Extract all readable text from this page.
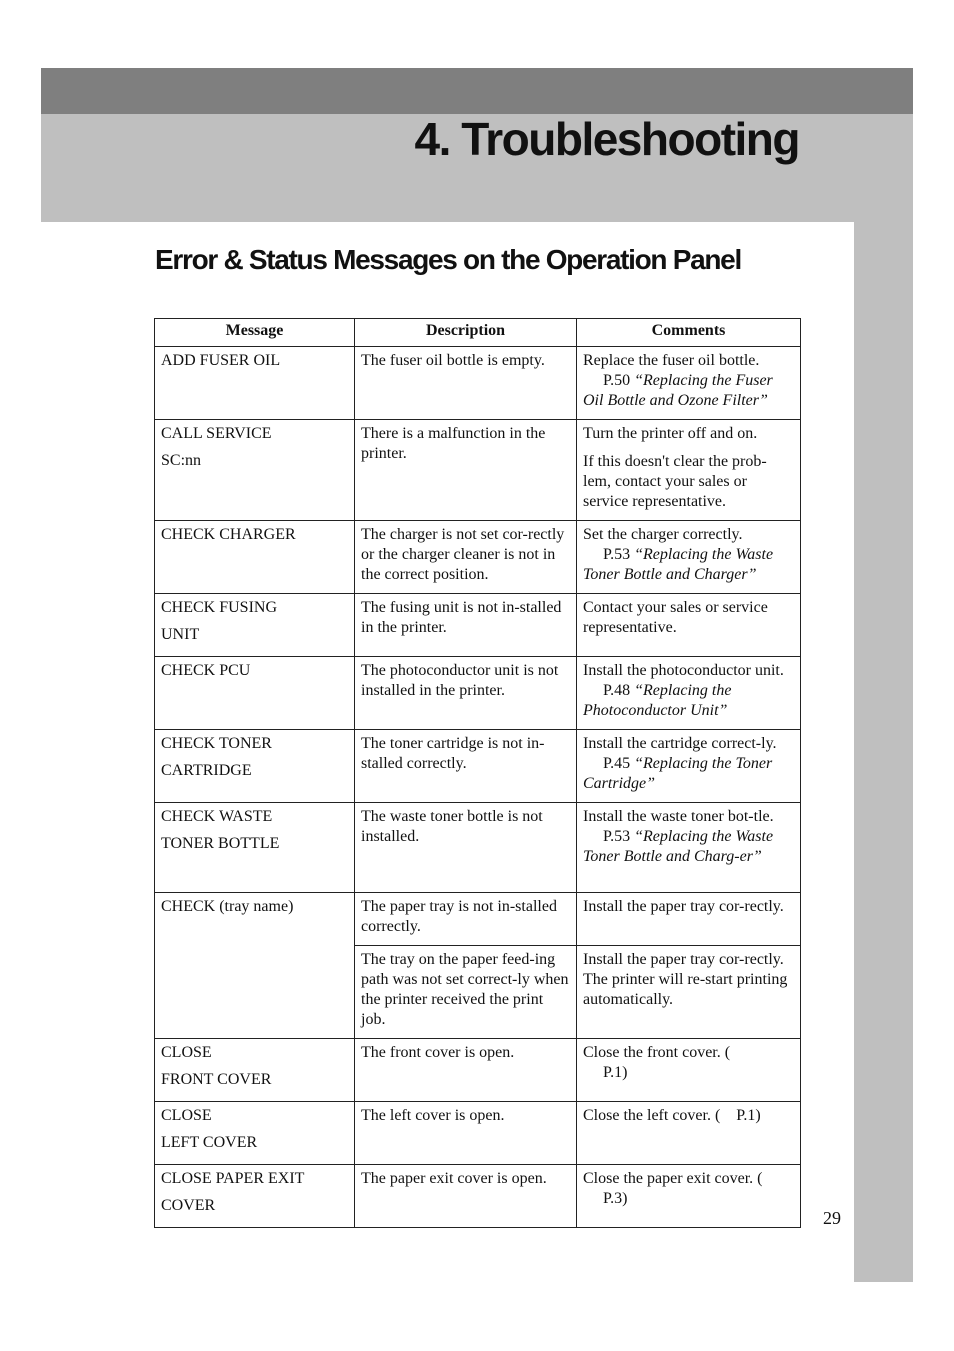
4. Troubleshooting
Error & Status Messages on the Operation Panel
Message	Description	Comments

ADD FUSER OIL	The fuser oil bottle is empty.	Replace the fuser oil bottle.
P.50 “Replacing the Fuser Oil Bottle and Ozone Filter”

CALL SERVICE
SC:nn	There is a malfunction in the printer.	Turn the printer off and on.
If this doesn't clear the prob-lem, contact your sales or service representative.

CHECK CHARGER	The charger is not set cor-rectly or the charger cleaner is not in the correct position.	Set the charger correctly.
P.53 “Replacing the Waste Toner Bottle and Charger”

CHECK FUSING
UNIT	The fusing unit is not in-stalled in the printer.	Contact your sales or service representative.

CHECK PCU	The photoconductor unit is not installed in the printer.	Install the photoconductor unit. P.48 “Replacing the Photoconductor Unit”

CHECK TONER
CARTRIDGE	The toner cartridge is not in-stalled correctly.	Install the cartridge correct-ly. P.45 “Replacing the Toner Cartridge”

CHECK WASTE
TONER BOTTLE	The waste toner bottle is not installed.	Install the waste toner bot-tle. P.53 “Replacing the Waste Toner Bottle and Charg-er”

CHECK (tray name)	The paper tray is not in-stalled correctly.	Install the paper tray cor-rectly.
	The tray on the paper feed-ing path was not set correct-ly when the printer received the print job.	Install the paper tray cor-rectly. The printer will re-start printing automatically.

CLOSE
FRONT COVER	The front cover is open.	Close the front cover. (
P.1)

CLOSE
LEFT COVER	The left cover is open.	Close the left cover. ( P.1)

CLOSE PAPER EXIT
COVER	The paper exit cover is open.	Close the paper exit cover. (
P.3)
29
